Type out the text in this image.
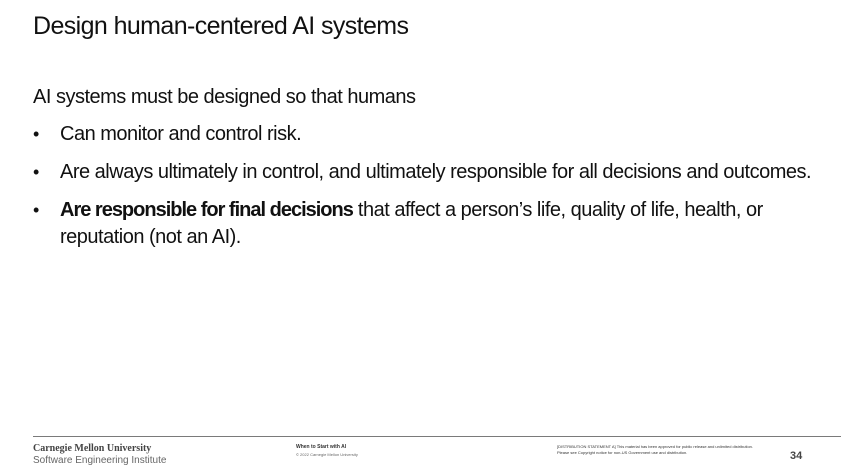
Design human-centered AI systems
AI systems must be designed so that humans
• Can monitor and control risk.
• Are always ultimately in control, and ultimately responsible for all decisions and outcomes.
• Are responsible for final decisions that affect a person’s life, quality of life, health, or reputation (not an AI).
Carnegie Mellon University
Software Engineering Institute
When to Start with AI
© 2022 Carnegie Mellon University
[DISTRIBUTION STATEMENT A] This material has been approved for public release and unlimited distribution. Please see Copyright notice for non-US Government use and distribution.	34
